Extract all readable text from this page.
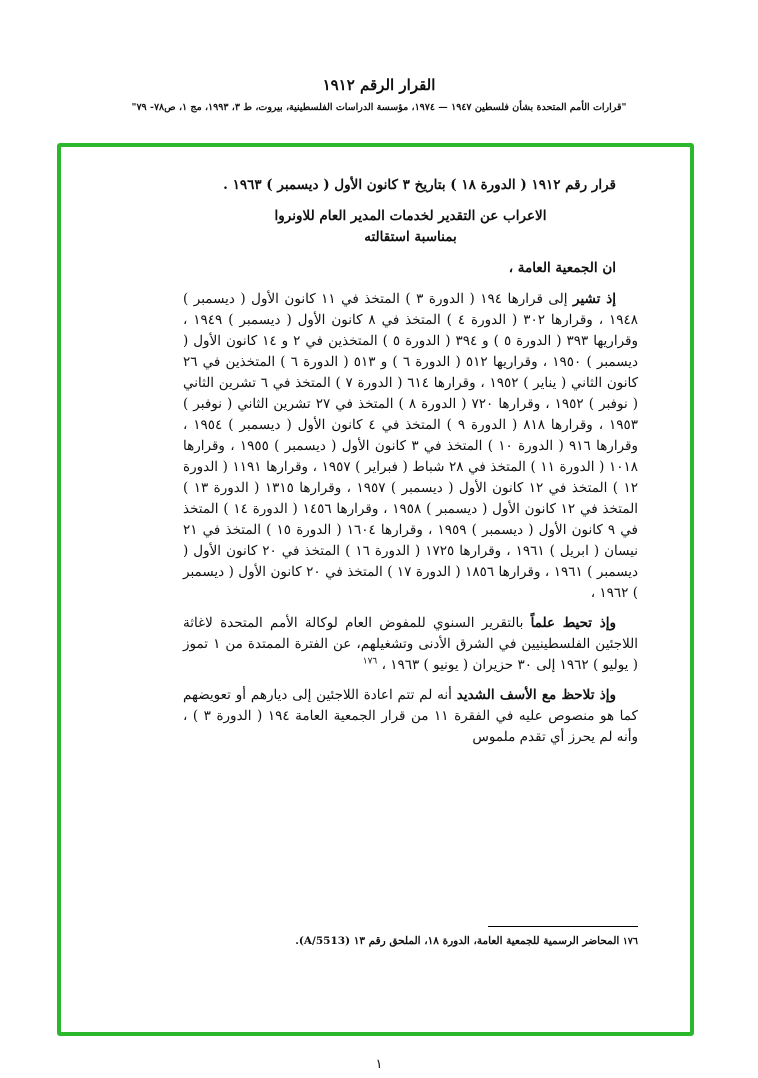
القرار الرقم ١٩١٢
"قرارات الأمم المتحدة بشأن فلسطين ١٩٤٧ — ١٩٧٤، مؤسسة الدراسات الفلسطينية، بيروت، ط ٣، ١٩٩٣، مج ١، ص٧٨- ٧٩"

قرار رقم ١٩١٢ ( الدورة ١٨ ) بتاريخ ٣ كانون الأول ( ديسمبر ) ١٩٦٣ .

الاعراب عن التقدير لخدمات المدير العام للاونروا بمناسبة استقالته

ان الجمعية العامة ،

إذ تشير إلى قرارها ١٩٤ ( الدورة ٣ ) المتخذ في ١١ كانون الأول ( ديسمبر ) ١٩٤٨ ، وقرارها ٣٠٢ ( الدورة ٤ ) المتخذ في ٨ كانون الأول ( ديسمبر ) ١٩٤٩ ، وقراريها ٣٩٣ ( الدورة ٥ ) و ٣٩٤ ( الدورة ٥ ) المتخذين في ٢ و ١٤ كانون الأول ( ديسمبر ) ١٩٥٠ ، وقراريها ٥١٢ ( الدورة ٦ ) و ٥١٣ ( الدورة ٦ ) المتخذين في ٢٦ كانون الثاني ( يناير ) ١٩٥٢ ، وقرارها ٦١٤ ( الدورة ٧ ) المتخذ في ٦ تشرين الثاني ( نوفبر ) ١٩٥٢ ، وقرارها ٧٢٠ ( الدورة ٨ ) المتخذ في ٢٧ تشرين الثاني ( نوفبر ) ١٩٥٣ ، وقرارها ٨١٨ ( الدورة ٩ ) المتخذ في ٤ كانون الأول ( ديسمبر ) ١٩٥٤ ، وقرارها ٩١٦ ( الدورة ١٠ ) المتخذ في ٣ كانون الأول ( ديسمبر ) ١٩٥٥ ، وقرارها ١٠١٨ ( الدورة ١١ ) المتخذ في ٢٨ شباط ( فبراير ) ١٩٥٧ ، وقرارها ١١٩١ ( الدورة ١٢ ) المتخذ في ١٢ كانون الأول ( ديسمبر ) ١٩٥٧ ، وقرارها ١٣١٥ ( الدورة ١٣ ) المتخذ في ١٢ كانون الأول ( ديسمبر ) ١٩٥٨ ، وقرارها ١٤٥٦ ( الدورة ١٤ ) المتخذ في ٩ كانون الأول ( ديسمبر ) ١٩٥٩ ، وقرارها ١٦٠٤ ( الدورة ١٥ ) المتخذ في ٢١ نيسان ( ابريل ) ١٩٦١ ، وقرارها ١٧٢٥ ( الدورة ١٦ ) المتخذ في ٢٠ كانون الأول ( ديسمبر ) ١٩٦١ ، وقرارها ١٨٥٦ ( الدورة ١٧ ) المتخذ في ٢٠ كانون الأول ( ديسمبر ) ١٩٦٢ ،

وإذ تحيط علماً بالتقرير السنوي للمفوض العام لوكالة الأمم المتحدة لاغاثة اللاجئين الفلسطينيين في الشرق الأدنى وتشغيلهم، عن الفترة الممتدة من ١ تموز ( يوليو ) ١٩٦٢ إلى ٣٠ حزيران ( يونيو ) ١٩٦٣ ، $^{١٧٦}$

وإذ تلاحظ مع الأسف الشديد أنه لم تتم اعادة اللاجئين إلى ديارهم أو تعويضهم كما هو منصوص عليه في الفقرة ١١ من قرار الجمعية العامة ١٩٤ ( الدورة ٣ ) ، وأنه لم يحرز أي تقدم ملموس

١٧٦ المحاضر الرسمية للجمعية العامة، الدورة ١٨، الملحق رقم ١٣ (A/5513).
١
